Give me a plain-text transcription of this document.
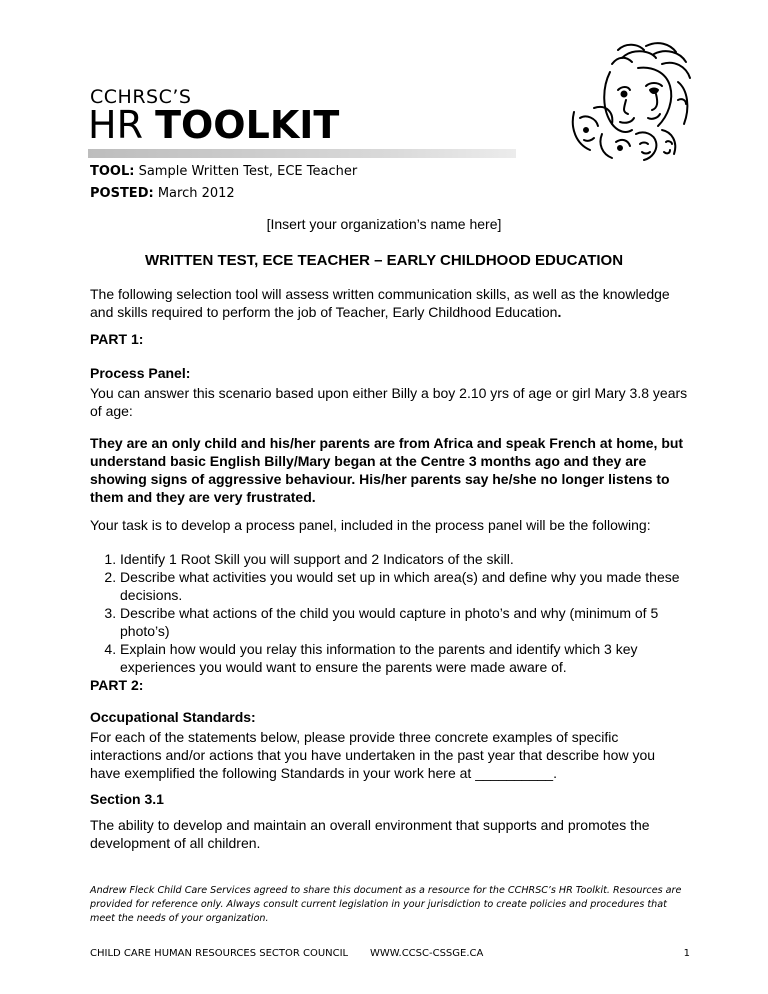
CCHRSC’S
HR TOOLKIT
TOOL: Sample Written Test, ECE Teacher
POSTED: March 2012
[Insert your organization’s name here]
WRITTEN TEST, ECE TEACHER – EARLY CHILDHOOD EDUCATION
The following selection tool will assess written communication skills, as well as the knowledge and skills required to perform the job of Teacher, Early Childhood Education.
PART 1:
Process Panel:
You can answer this scenario based upon either Billy a boy 2.10 yrs of age or girl Mary 3.8 years of age:
They are an only child and his/her parents are from Africa and speak French at home, but understand basic English Billy/Mary began at the Centre 3 months ago and they are showing signs of aggressive behaviour. His/her parents say he/she no longer listens to them and they are very frustrated.
Your task is to develop a process panel, included in the process panel will be the following:
1. Identify 1 Root Skill you will support and 2 Indicators of the skill.
2. Describe what activities you would set up in which area(s) and define why you made these decisions.
3. Describe what actions of the child you would capture in photo’s and why (minimum of 5 photo’s)
4. Explain how would you relay this information to the parents and identify which 3 key experiences you would want to ensure the parents were made aware of.
PART 2:
Occupational Standards:
For each of the statements below, please provide three concrete examples of specific interactions and/or actions that you have undertaken in the past year that describe how you have exemplified the following Standards in your work here at __________.
Section 3.1
The ability to develop and maintain an overall environment that supports and promotes the development of all children.
Andrew Fleck Child Care Services agreed to share this document as a resource for the CCHRSC’s HR Toolkit. Resources are provided for reference only. Always consult current legislation in your jurisdiction to create policies and procedures that meet the needs of your organization.
CHILD CARE HUMAN RESOURCES SECTOR COUNCIL WWW.CCSC-CSSGE.CA	1
